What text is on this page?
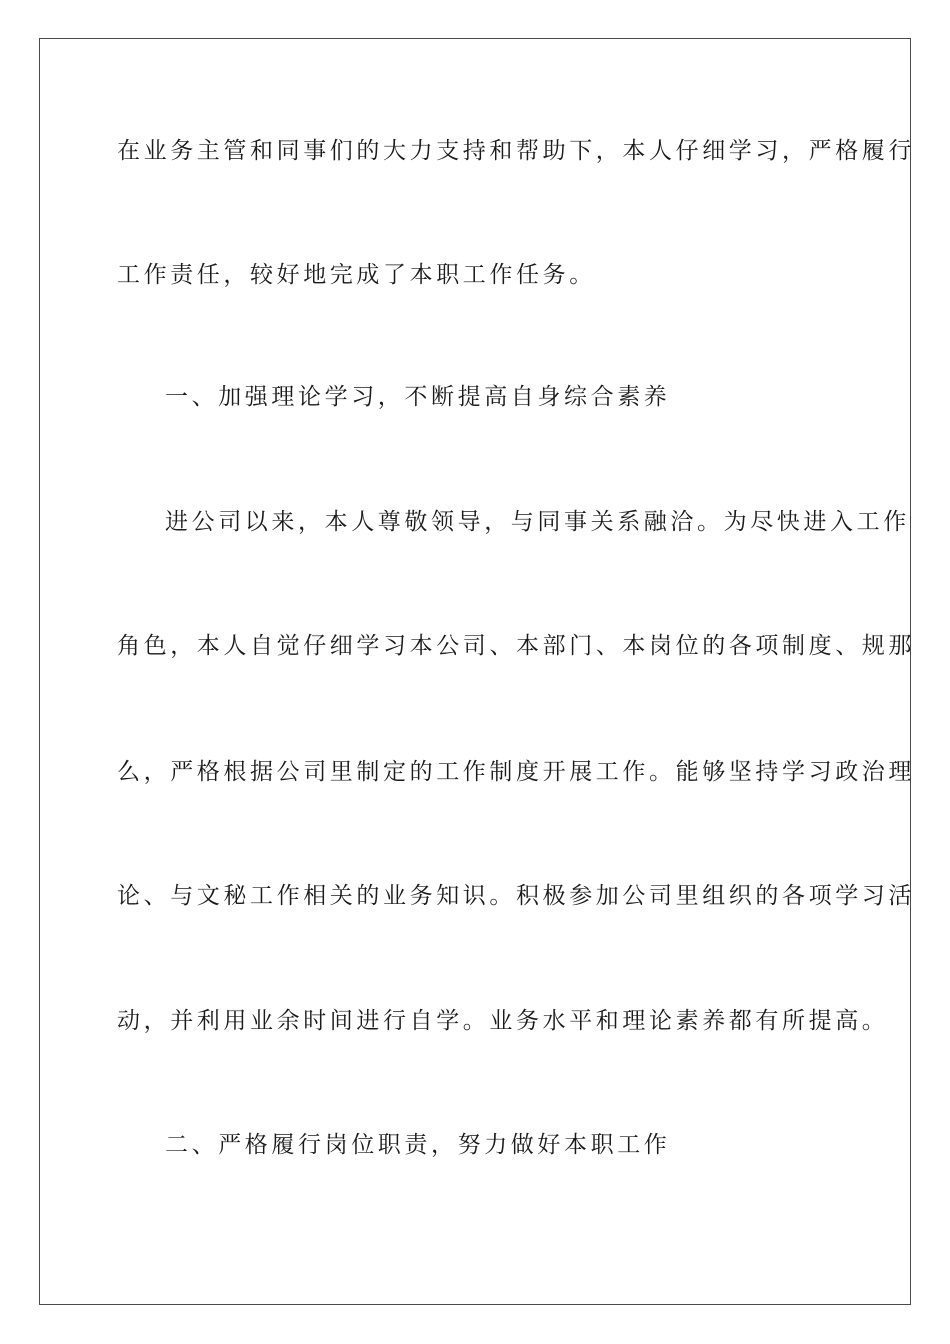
在业务主管和同事们的大力支持和帮助下，本人仔细学习，严格履行
工作责任，较好地完成了本职工作任务。
一、加强理论学习，不断提高自身综合素养
进公司以来，本人尊敬领导，与同事关系融洽。为尽快进入工作
角色，本人自觉仔细学习本公司、本部门、本岗位的各项制度、规那
么，严格根据公司里制定的工作制度开展工作。能够坚持学习政治理
论、与文秘工作相关的业务知识。积极参加公司里组织的各项学习活
动，并利用业余时间进行自学。业务水平和理论素养都有所提高。
二、严格履行岗位职责，努力做好本职工作
